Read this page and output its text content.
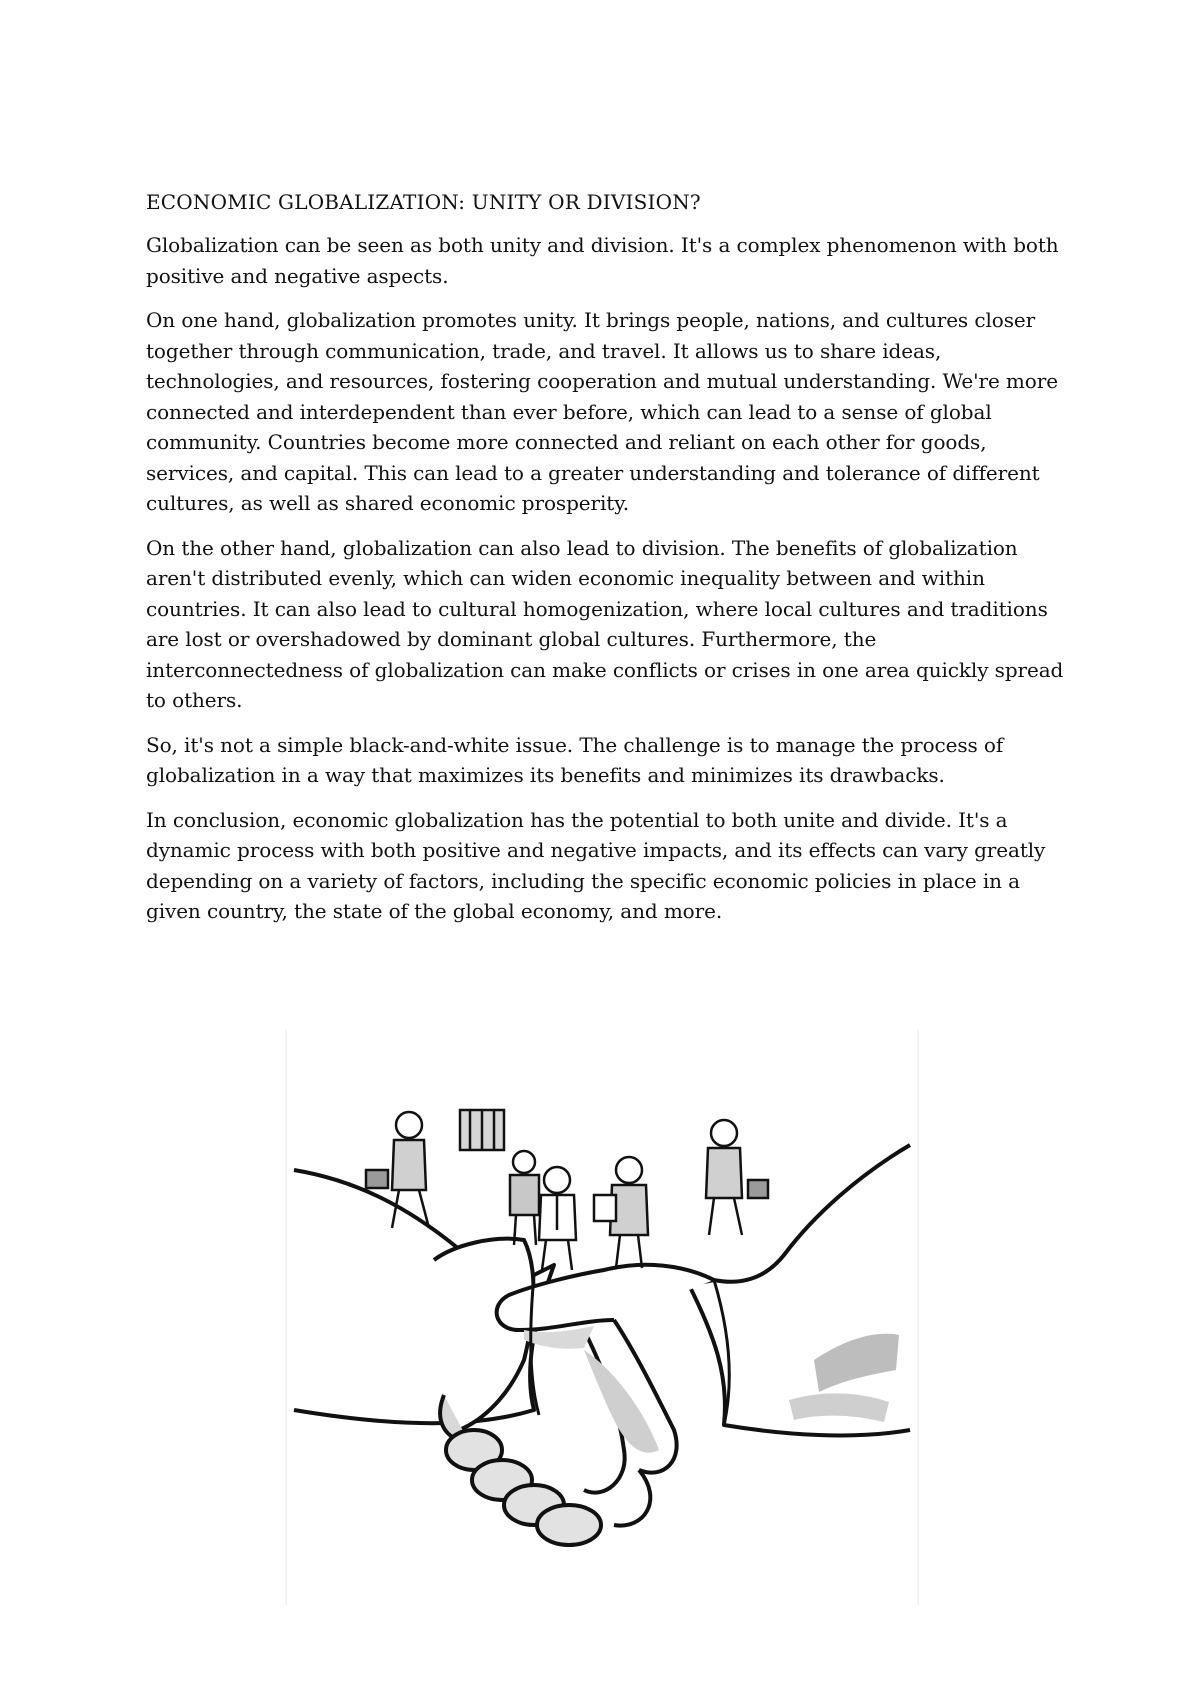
ECONOMIC GLOBALIZATION: UNITY OR DIVISION?

Globalization can be seen as both unity and division. It's a complex phenomenon with both positive and negative aspects.

On one hand, globalization promotes unity. It brings people, nations, and cultures closer together through communication, trade, and travel. It allows us to share ideas, technologies, and resources, fostering cooperation and mutual understanding. We're more connected and interdependent than ever before, which can lead to a sense of global community. Countries become more connected and reliant on each other for goods, services, and capital. This can lead to a greater understanding and tolerance of different cultures, as well as shared economic prosperity.

On the other hand, globalization can also lead to division. The benefits of globalization aren't distributed evenly, which can widen economic inequality between and within countries. It can also lead to cultural homogenization, where local cultures and traditions are lost or overshadowed by dominant global cultures. Furthermore, the interconnectedness of globalization can make conflicts or crises in one area quickly spread to others.

So, it's not a simple black-and-white issue. The challenge is to manage the process of globalization in a way that maximizes its benefits and minimizes its drawbacks.

In conclusion, economic globalization has the potential to both unite and divide. It's a dynamic process with both positive and negative impacts, and its effects can vary greatly depending on a variety of factors, including the specific economic policies in place in a given country, the state of the global economy, and more.
